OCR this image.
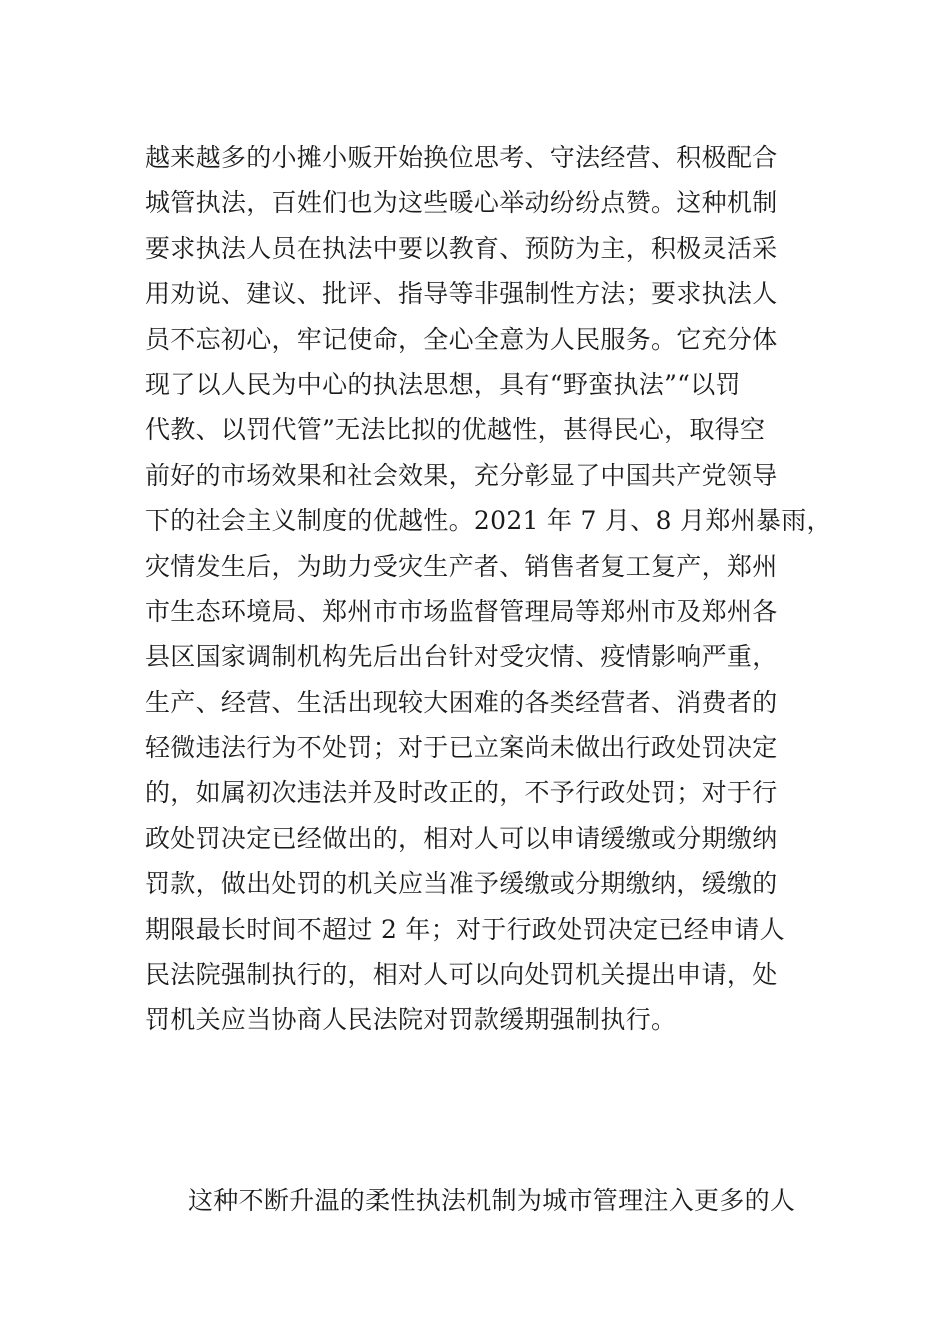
越来越多的小摊小贩开始换位思考、守法经营、积极配合
城管执法，百姓们也为这些暖心举动纷纷点赞。这种机制
要求执法人员在执法中要以教育、预防为主，积极灵活采
用劝说、建议、批评、指导等非强制性方法；要求执法人
员不忘初心，牢记使命，全心全意为人民服务。它充分体
现了以人民为中心的执法思想，具有“野蛮执法”“以罚
代教、以罚代管”无法比拟的优越性，甚得民心，取得空
前好的市场效果和社会效果，充分彰显了中国共产党领导
下的社会主义制度的优越性。2021 年 7 月、8 月郑州暴雨，
灾情发生后，为助力受灾生产者、销售者复工复产，郑州
市生态环境局、郑州市市场监督管理局等郑州市及郑州各
县区国家调制机构先后出台针对受灾情、疫情影响严重，
生产、经营、生活出现较大困难的各类经营者、消费者的
轻微违法行为不处罚；对于已立案尚未做出行政处罚决定
的，如属初次违法并及时改正的，不予行政处罚；对于行
政处罚决定已经做出的，相对人可以申请缓缴或分期缴纳
罚款，做出处罚的机关应当准予缓缴或分期缴纳，缓缴的
期限最长时间不超过 2 年；对于行政处罚决定已经申请人
民法院强制执行的，相对人可以向处罚机关提出申请，处
罚机关应当协商人民法院对罚款缓期强制执行。
这种不断升温的柔性执法机制为城市管理注入更多的人
